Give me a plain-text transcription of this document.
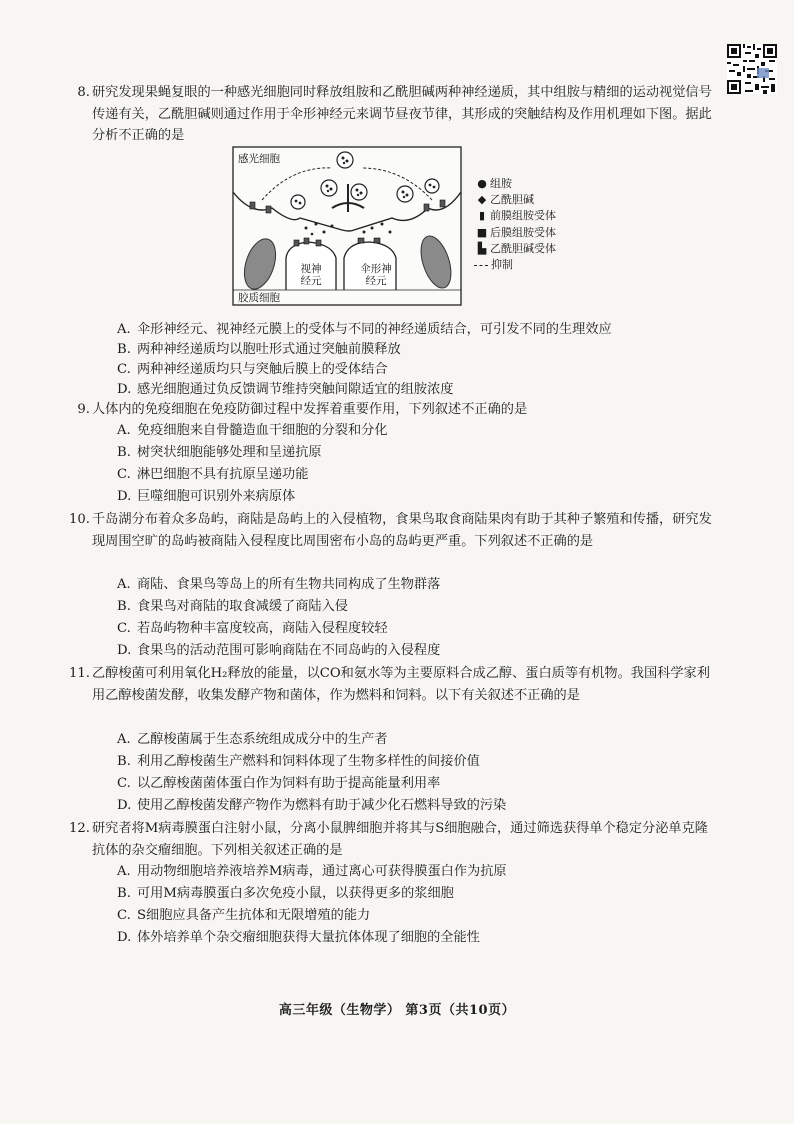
8. 研究发现果蝇复眼的一种感光细胞同时释放组胺和乙酰胆碱两种神经递质，其中组胺与精细的运动视觉信号传递有关，乙酰胆碱则通过作用于伞形神经元来调节昼夜节律，其形成的突触结构及作用机理如下图。据此分析不正确的是
感光细胞
胶质细胞
视神经元
伞形神经元
● 组胺
◆ 乙酰胆碱
▮ 前膜组胺受体
■ 后膜组胺受体
▙ 乙酰胆碱受体
抑制
A. 伞形神经元、视神经元膜上的受体与不同的神经递质结合，可引发不同的生理效应
B. 两种神经递质均以胞吐形式通过突触前膜释放
C. 两种神经递质均只与突触后膜上的受体结合
D. 感光细胞通过负反馈调节维持突触间隙适宜的组胺浓度
9. 人体内的免疫细胞在免疫防御过程中发挥着重要作用，下列叙述不正确的是
A. 免疫细胞来自骨髓造血干细胞的分裂和分化
B. 树突状细胞能够处理和呈递抗原
C. 淋巴细胞不具有抗原呈递功能
D. 巨噬细胞可识别外来病原体
10. 千岛湖分布着众多岛屿，商陆是岛屿上的入侵植物，食果鸟取食商陆果肉有助于其种子繁殖和传播，研究发现周围空旷的岛屿被商陆入侵程度比周围密布小岛的岛屿更严重。下列叙述不正确的是
A. 商陆、食果鸟等岛上的所有生物共同构成了生物群落
B. 食果鸟对商陆的取食减缓了商陆入侵
C. 若岛屿物种丰富度较高，商陆入侵程度较轻
D. 食果鸟的活动范围可影响商陆在不同岛屿的入侵程度
11. 乙醇梭菌可利用氧化H₂释放的能量，以CO和氨水等为主要原料合成乙醇、蛋白质等有机物。我国科学家利用乙醇梭菌发酵，收集发酵产物和菌体，作为燃料和饲料。以下有关叙述不正确的是
A. 乙醇梭菌属于生态系统组成成分中的生产者
B. 利用乙醇梭菌生产燃料和饲料体现了生物多样性的间接价值
C. 以乙醇梭菌菌体蛋白作为饲料有助于提高能量利用率
D. 使用乙醇梭菌发酵产物作为燃料有助于减少化石燃料导致的污染
12. 研究者将M病毒膜蛋白注射小鼠，分离小鼠脾细胞并将其与S细胞融合，通过筛选获得单个稳定分泌单克隆抗体的杂交瘤细胞。下列相关叙述正确的是
A. 用动物细胞培养液培养M病毒，通过离心可获得膜蛋白作为抗原
B. 可用M病毒膜蛋白多次免疫小鼠，以获得更多的浆细胞
C. S细胞应具备产生抗体和无限增殖的能力
D. 体外培养单个杂交瘤细胞获得大量抗体体现了细胞的全能性
高三年级（生物学） 第3页（共10页）
